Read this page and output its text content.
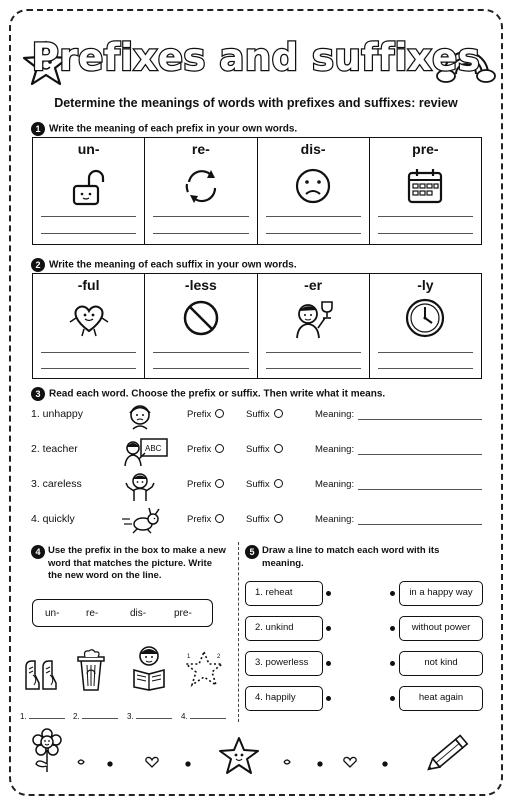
Prefixes and suffixes
Determine the meanings of words with prefixes and suffixes: review
1 Write the meaning of each prefix in your own words.
un-	re-	dis-	pre-
2 Write the meaning of each suffix in your own words.
-ful	-less	-er	-ly
3 Read each word. Choose the prefix or suffix. Then write what it means.
1. unhappy	Prefix	Suffix	Meaning:
2. teacher	ABC	Prefix	Suffix	Meaning:
3. careless	Prefix	Suffix	Meaning:
4. quickly	Prefix	Suffix	Meaning:
4 Use the prefix in the box to make a new word that matches the picture. Write the new word on the line.
un-	re-	dis-	pre-
1	2
1.	2.	3.	4.
5 Draw a line to match each word with its meaning.
1. reheat
2. unkind
3. powerless
4. happily
in a happy way
without power
not kind
heat again
